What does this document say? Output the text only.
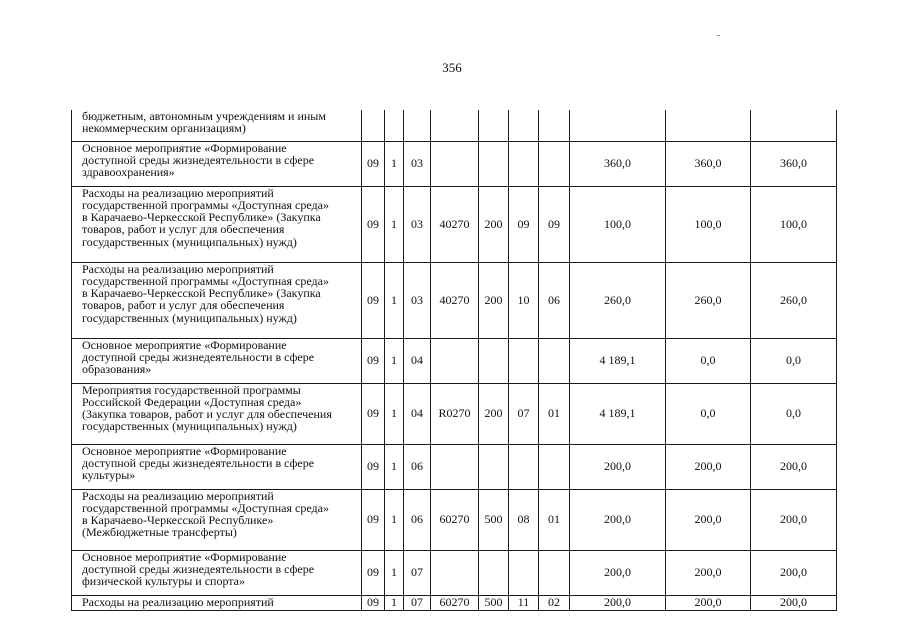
356
бюджетным, автономным учреждениям и иным
некоммерческим организациям)										

Основное мероприятие «Формирование
доступной среды жизнедеятельности в сфере
здравоохранения»	09	1	03					360,0	360,0	360,0

Расходы на реализацию мероприятий
государственной программы «Доступная среда»
в Карачаево-Черкесской Республике» (Закупка
товаров, работ и услуг для обеспечения
государственных (муниципальных) нужд)	09	1	03	40270	200	09	09	100,0	100,0	100,0

Расходы на реализацию мероприятий
государственной программы «Доступная среда»
в Карачаево-Черкесской Республике» (Закупка
товаров, работ и услуг для обеспечения
государственных (муниципальных) нужд)	09	1	03	40270	200	10	06	260,0	260,0	260,0

Основное мероприятие «Формирование
доступной среды жизнедеятельности в сфере
образования»	09	1	04					4 189,1	0,0	0,0

Мероприятия государственной программы
Российской Федерации «Доступная среда»
(Закупка товаров, работ и услуг для обеспечения
государственных (муниципальных) нужд)	09	1	04	R0270	200	07	01	4 189,1	0,0	0,0

Основное мероприятие «Формирование
доступной среды жизнедеятельности в сфере
культуры»	09	1	06					200,0	200,0	200,0

Расходы на реализацию мероприятий
государственной программы «Доступная среда»
в Карачаево-Черкесской Республике»
(Межбюджетные трансферты)	09	1	06	60270	500	08	01	200,0	200,0	200,0

Основное мероприятие «Формирование
доступной среды жизнедеятельности в сфере
физической культуры и спорта»	09	1	07					200,0	200,0	200,0

Расходы на реализацию мероприятий	09	1	07	60270	500	11	02	200,0	200,0	200,0
